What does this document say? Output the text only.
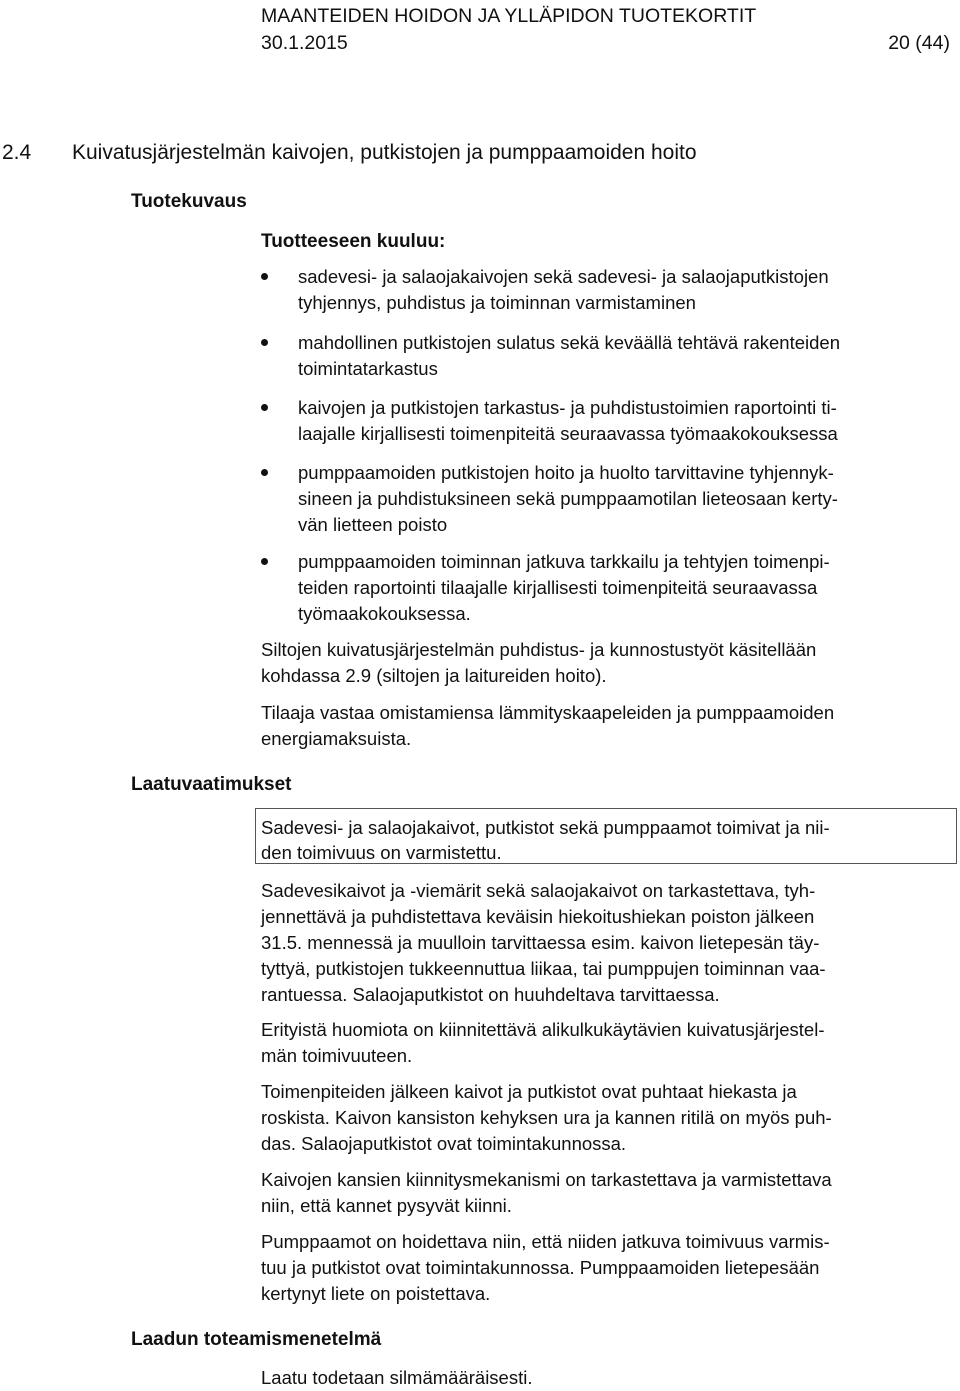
MAANTEIDEN HOIDON JA YLLÄPIDON TUOTEKORTIT
30.1.2015	20 (44)
2.4 Kuivatusjärjestelmän kaivojen, putkistojen ja pumppaamoiden hoito
Tuotekuvaus
Laatuvaatimukset
Laadun toteamismenetelmä
Tuotteeseen kuuluu:
sadevesi- ja salaojakaivojen sekä sadevesi- ja salaojaputkistojen
tyhjennys, puhdistus ja toiminnan varmistaminen
mahdollinen putkistojen sulatus sekä keväällä tehtävä rakenteiden
toimintatarkastus
kaivojen ja putkistojen tarkastus- ja puhdistustoimien raportointi ti-
laajalle kirjallisesti toimenpiteitä seuraavassa työmaakokouksessa
pumppaamoiden putkistojen hoito ja huolto tarvittavine tyhjennyk-
sineen ja puhdistuksineen sekä pumppaamotilan lieteosaan kerty-
vän lietteen poisto
pumppaamoiden toiminnan jatkuva tarkkailu ja tehtyjen toimenpi-
teiden raportointi tilaajalle kirjallisesti toimenpiteitä seuraavassa
työmaakokouksessa.
Siltojen kuivatusjärjestelmän puhdistus- ja kunnostustyöt käsitellään
kohdassa 2.9 (siltojen ja laitureiden hoito).
Tilaaja vastaa omistamiensa lämmityskaapeleiden ja pumppaamoiden
energiamaksuista.
Sadevesi- ja salaojakaivot, putkistot sekä pumppaamot toimivat ja nii-
den toimivuus on varmistettu.
Sadevesikaivot ja -viemärit sekä salaojakaivot on tarkastettava, tyh-
jennettävä ja puhdistettava keväisin hiekoitushiekan poiston jälkeen
31.5. mennessä ja muulloin tarvittaessa esim. kaivon lietepesän täy-
tyttyä, putkistojen tukkeennuttua liikaa, tai pumppujen toiminnan vaa-
rantuessa. Salaojaputkistot on huuhdeltava tarvittaessa.
Erityistä huomiota on kiinnitettävä alikulkukäytävien kuivatusjärjestel-
män toimivuuteen.
Toimenpiteiden jälkeen kaivot ja putkistot ovat puhtaat hiekasta ja
roskista. Kaivon kansiston kehyksen ura ja kannen ritilä on myös puh-
das. Salaojaputkistot ovat toimintakunnossa.
Kaivojen kansien kiinnitysmekanismi on tarkastettava ja varmistettava
niin, että kannet pysyvät kiinni.
Pumppaamot on hoidettava niin, että niiden jatkuva toimivuus varmis-
tuu ja putkistot ovat toimintakunnossa. Pumppaamoiden lietepesään
kertynyt liete on poistettava.
Laatu todetaan silmämääräisesti.
